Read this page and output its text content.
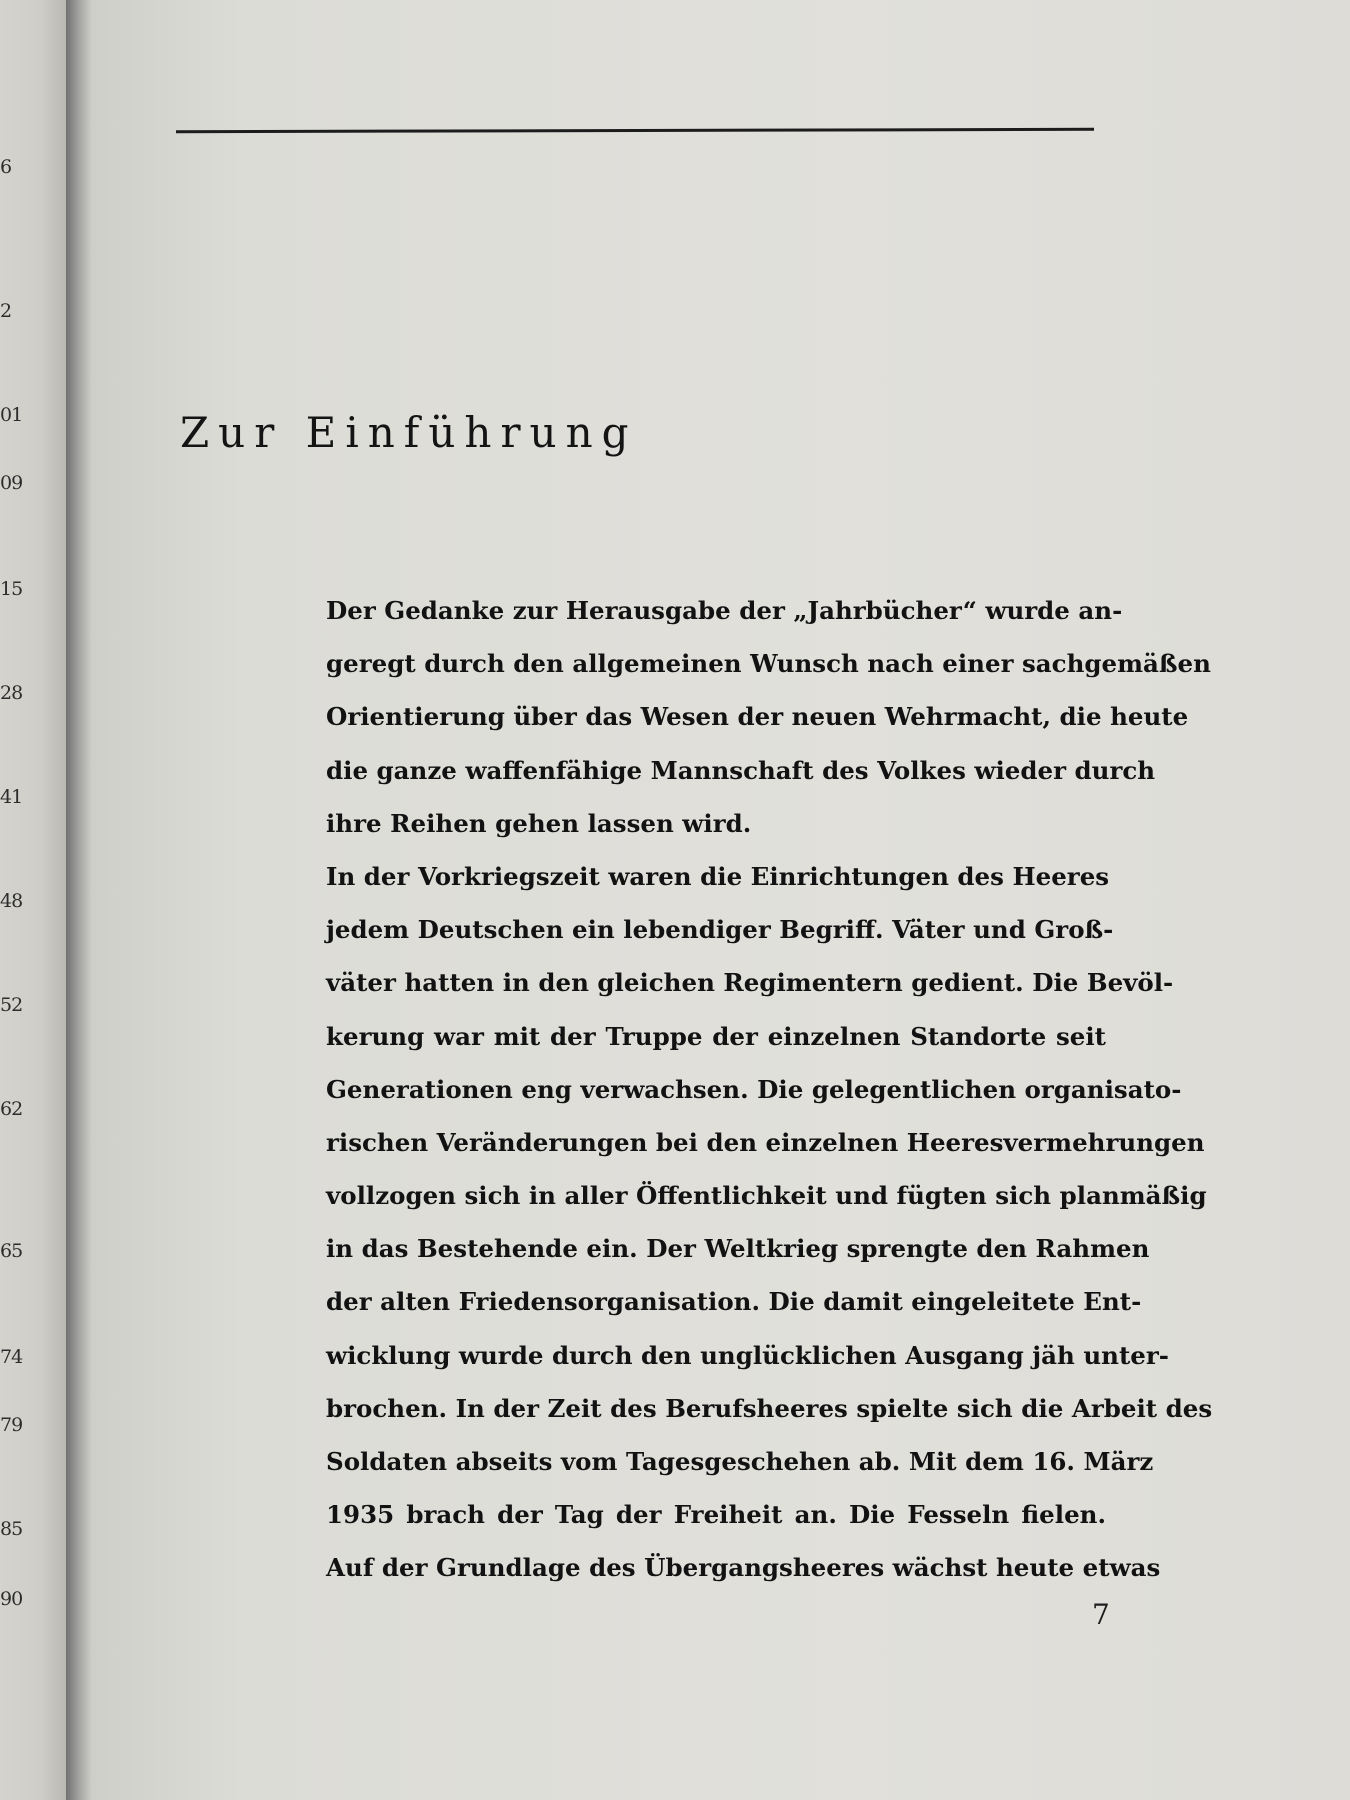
6
2
01
09
15
28
41
48
52
62
65
74
79
85
90
Zur Einführung
Der Gedanke zur Herausgabe der „Jahrbücher“ wurde an-
geregt durch den allgemeinen Wunsch nach einer sachgemäßen
Orientierung über das Wesen der neuen Wehrmacht, die heute
die ganze waffenfähige Mannschaft des Volkes wieder durch
ihre Reihen gehen lassen wird.
In der Vorkriegszeit waren die Einrichtungen des Heeres
jedem Deutschen ein lebendiger Begriff. Väter und Groß-
väter hatten in den gleichen Regimentern gedient. Die Bevöl-
kerung war mit der Truppe der einzelnen Standorte seit
Generationen eng verwachsen. Die gelegentlichen organisato-
rischen Veränderungen bei den einzelnen Heeresvermehrungen
vollzogen sich in aller Öffentlichkeit und fügten sich planmäßig
in das Bestehende ein. Der Weltkrieg sprengte den Rahmen
der alten Friedensorganisation. Die damit eingeleitete Ent-
wicklung wurde durch den unglücklichen Ausgang jäh unter-
brochen. In der Zeit des Berufsheeres spielte sich die Arbeit des
Soldaten abseits vom Tagesgeschehen ab. Mit dem 16. März
1935 brach der Tag der Freiheit an. Die Fesseln fielen.
Auf der Grundlage des Übergangsheeres wächst heute etwas
7
